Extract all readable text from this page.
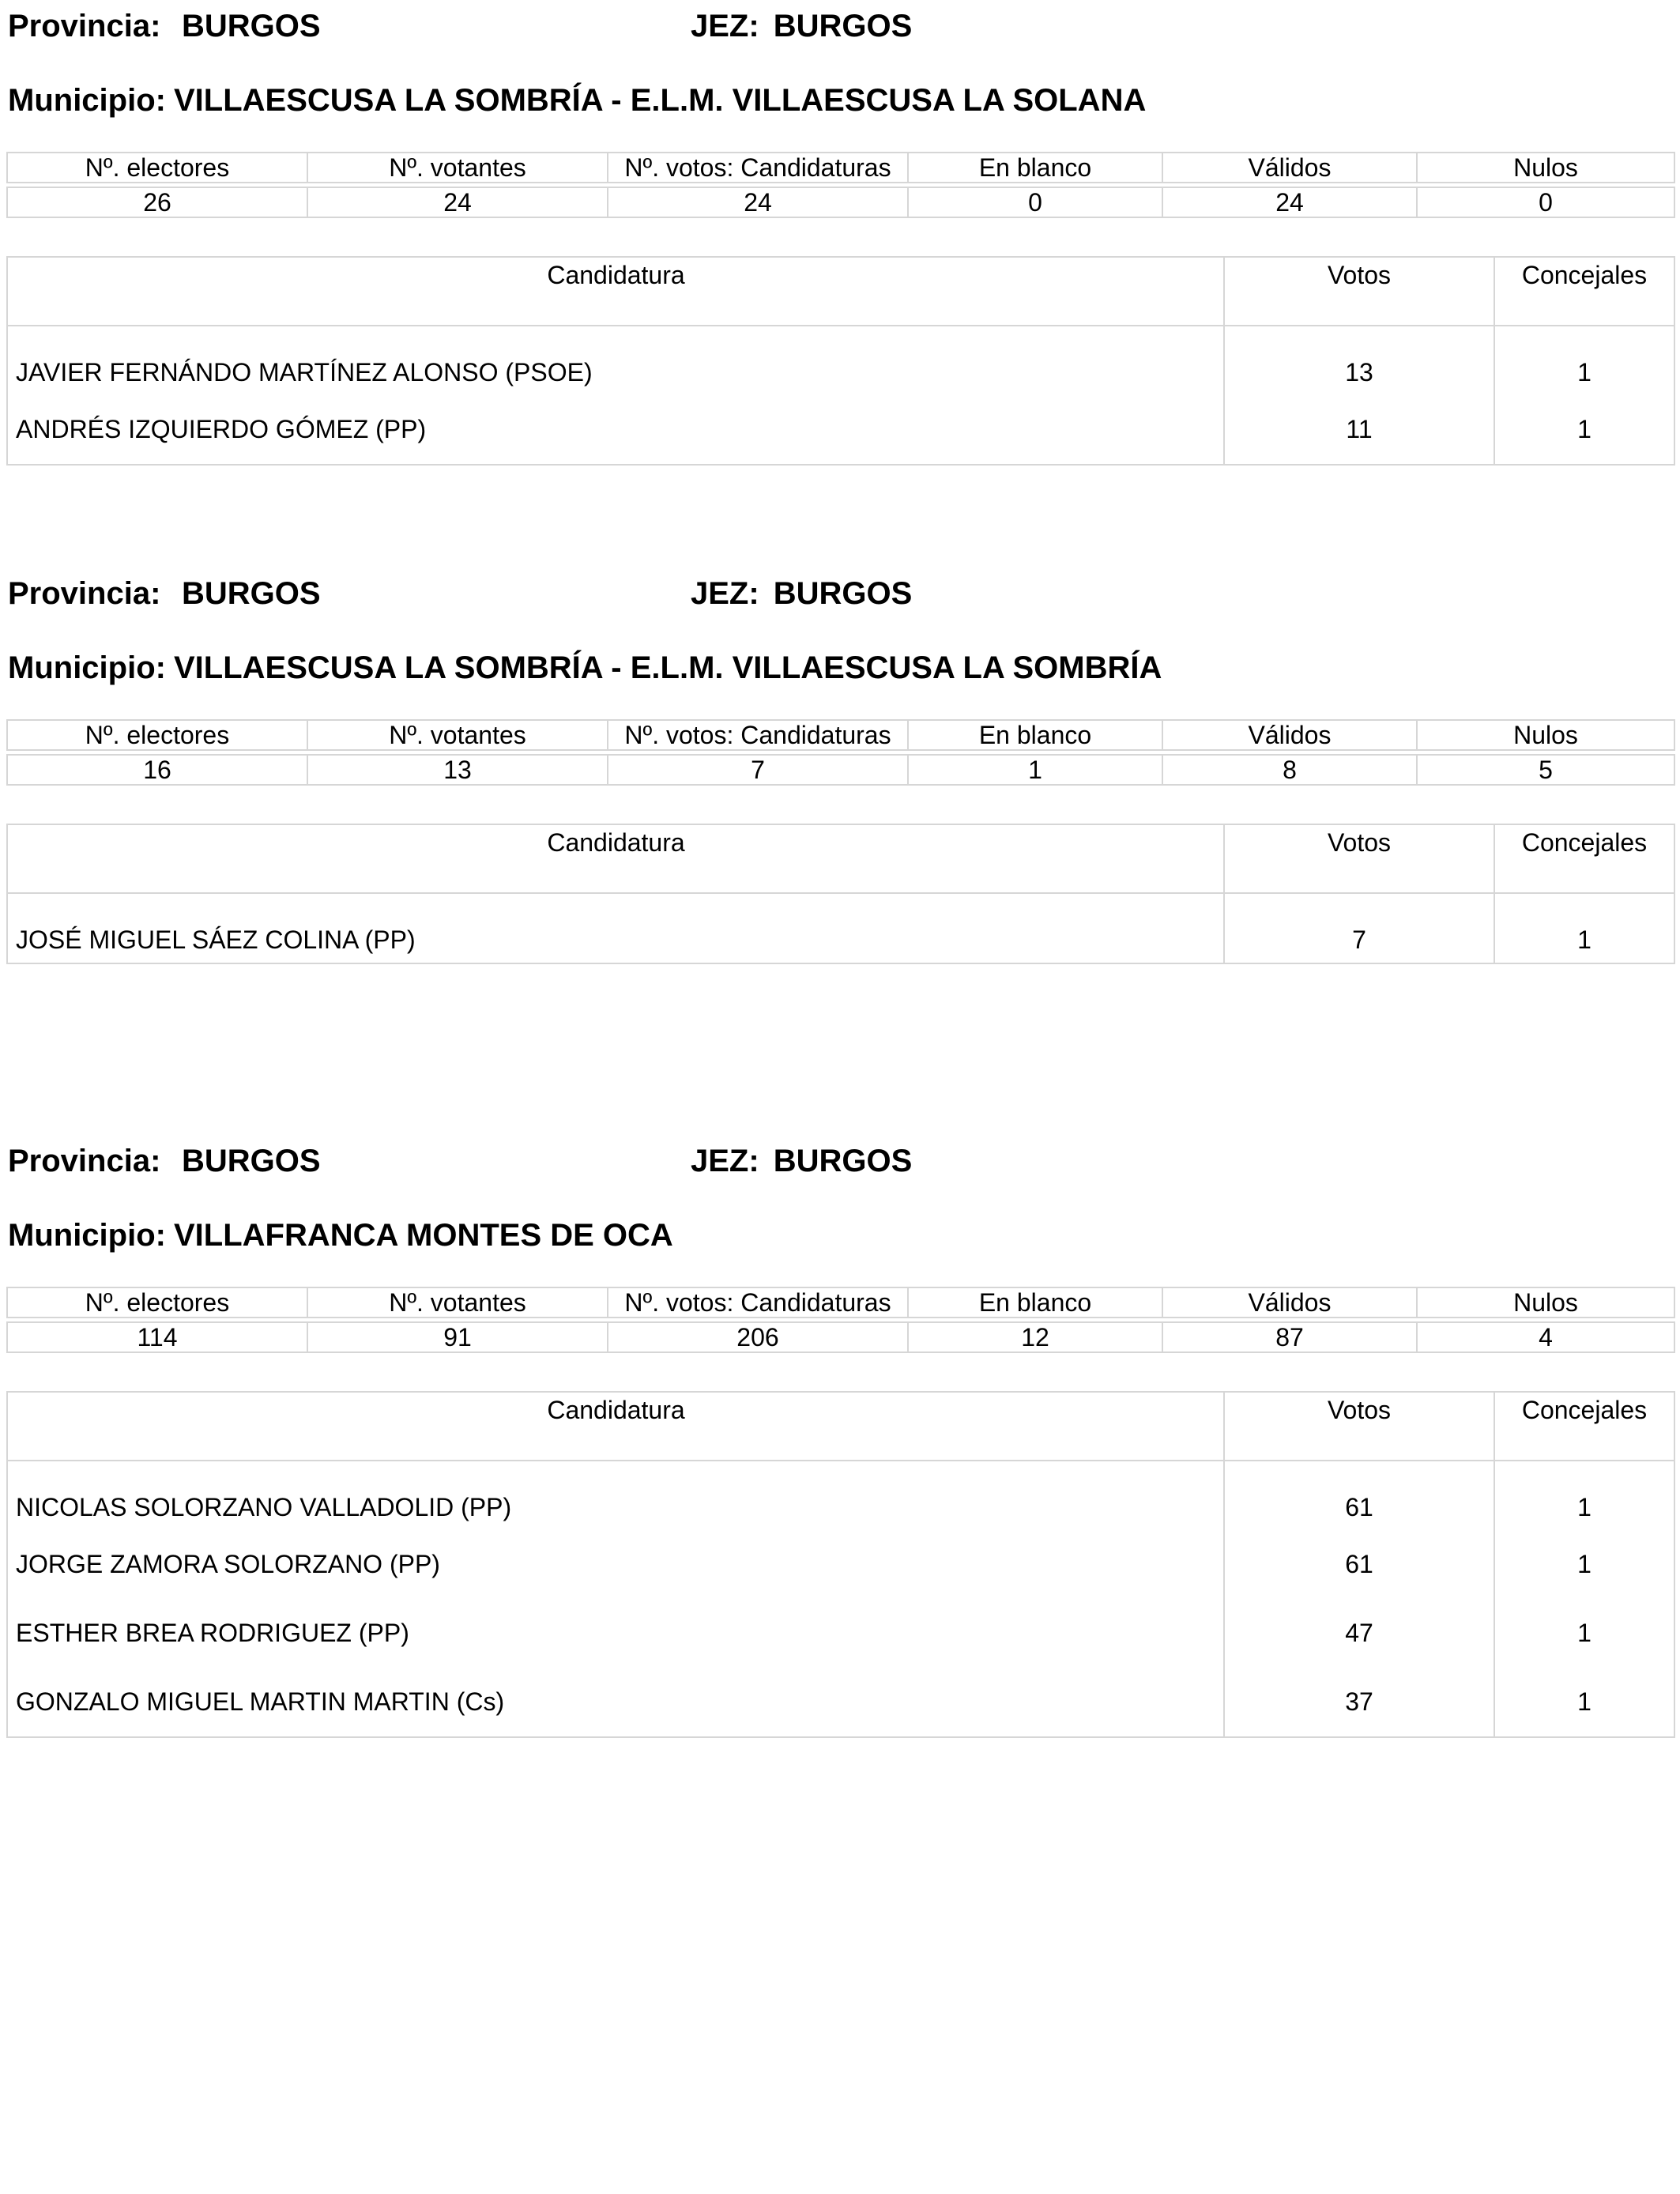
Provincia: BURGOS	JEZ: BURGOS
Municipio: VILLAESCUSA LA SOMBRÍA - E.L.M. VILLAESCUSA LA SOLANA
Nº. electores	Nº. votantes	Nº. votos: Candidaturas	En blanco	Válidos	Nulos

26	24	24	0	24	0
Candidatura	Votos	Concejales
JAVIER FERNÁNDO MARTÍNEZ ALONSO (PSOE)	13	1
ANDRÉS IZQUIERDO GÓMEZ (PP)	11	1
Provincia: BURGOS	JEZ: BURGOS
Municipio: VILLAESCUSA LA SOMBRÍA - E.L.M. VILLAESCUSA LA SOMBRÍA
Nº. electores	Nº. votantes	Nº. votos: Candidaturas	En blanco	Válidos	Nulos

16	13	7	1	8	5
Candidatura	Votos	Concejales
JOSÉ MIGUEL SÁEZ COLINA (PP)	7	1
Provincia: BURGOS	JEZ: BURGOS
Municipio: VILLAFRANCA MONTES DE OCA
Nº. electores	Nº. votantes	Nº. votos: Candidaturas	En blanco	Válidos	Nulos

114	91	206	12	87	4
Candidatura	Votos	Concejales
NICOLAS SOLORZANO VALLADOLID (PP)	61	1
JORGE ZAMORA SOLORZANO (PP)	61	1
ESTHER BREA RODRIGUEZ (PP)	47	1
GONZALO MIGUEL MARTIN MARTIN (Cs)	37	1
